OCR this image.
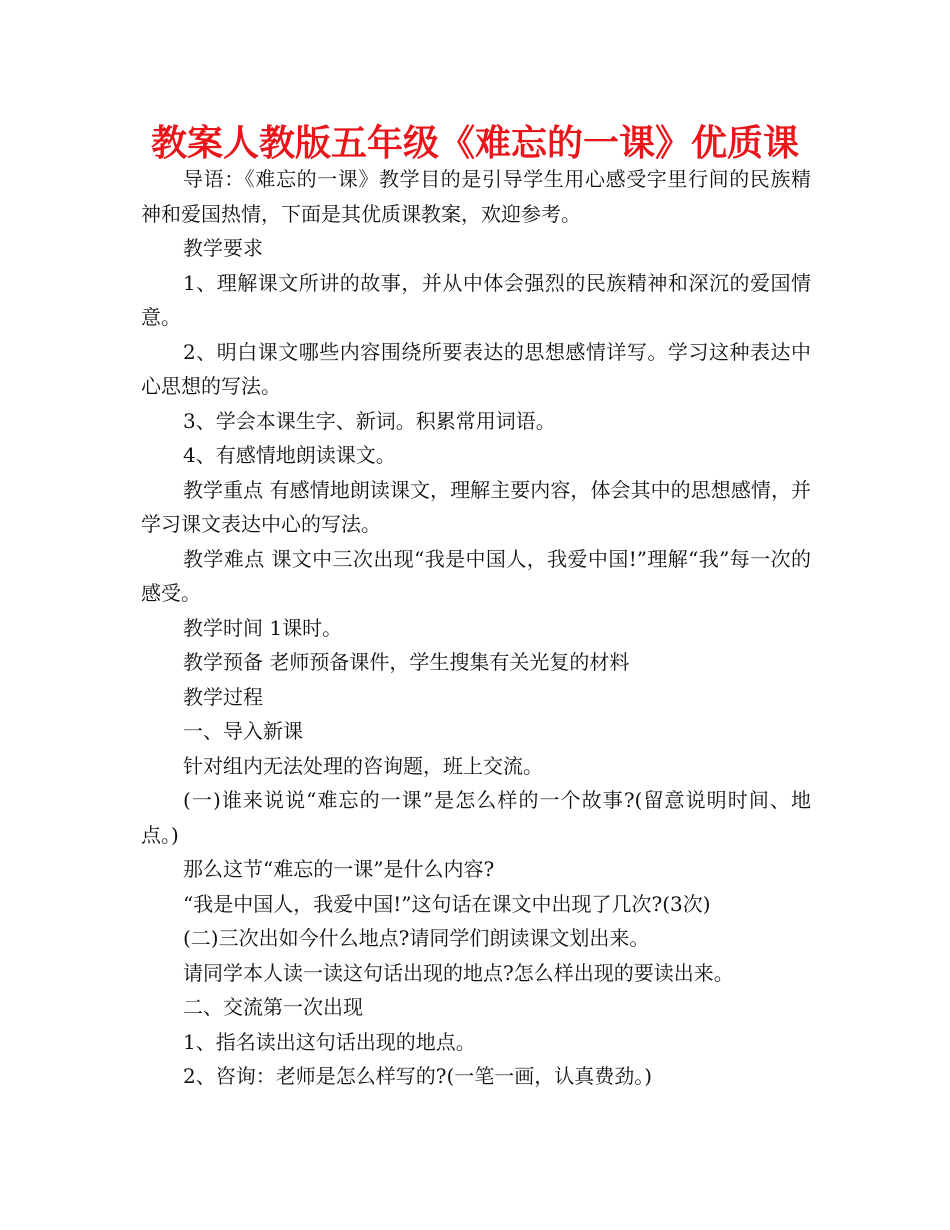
教案人教版五年级《难忘的一课》优质课

导语：《难忘的一课》教学目的是引导学生用心感受字里行间的民族精神和爱国热情，下面是其优质课教案，欢迎参考。

教学要求

1、理解课文所讲的故事，并从中体会强烈的民族精神和深沉的爱国情意。

2、明白课文哪些内容围绕所要表达的思想感情详写。学习这种表达中心思想的写法。

3、学会本课生字、新词。积累常用词语。

4、有感情地朗读课文。

教学重点 有感情地朗读课文，理解主要内容，体会其中的思想感情，并学习课文表达中心的写法。

教学难点 课文中三次出现“我是中国人，我爱中国!”理解“我”每一次的感受。

教学时间 1课时。

教学预备 老师预备课件，学生搜集有关光复的材料

教学过程

一、导入新课

针对组内无法处理的咨询题，班上交流。

(一)谁来说说“难忘的一课”是怎么样的一个故事?(留意说明时间、地点。)

那么这节“难忘的一课”是什么内容?

“我是中国人，我爱中国!”这句话在课文中出现了几次?(3次)

(二)三次出如今什么地点?请同学们朗读课文划出来。

请同学本人读一读这句话出现的地点?怎么样出现的要读出来。

二、交流第一次出现

1、指名读出这句话出现的地点。

2、咨询：老师是怎么样写的?(一笔一画，认真费劲。)
